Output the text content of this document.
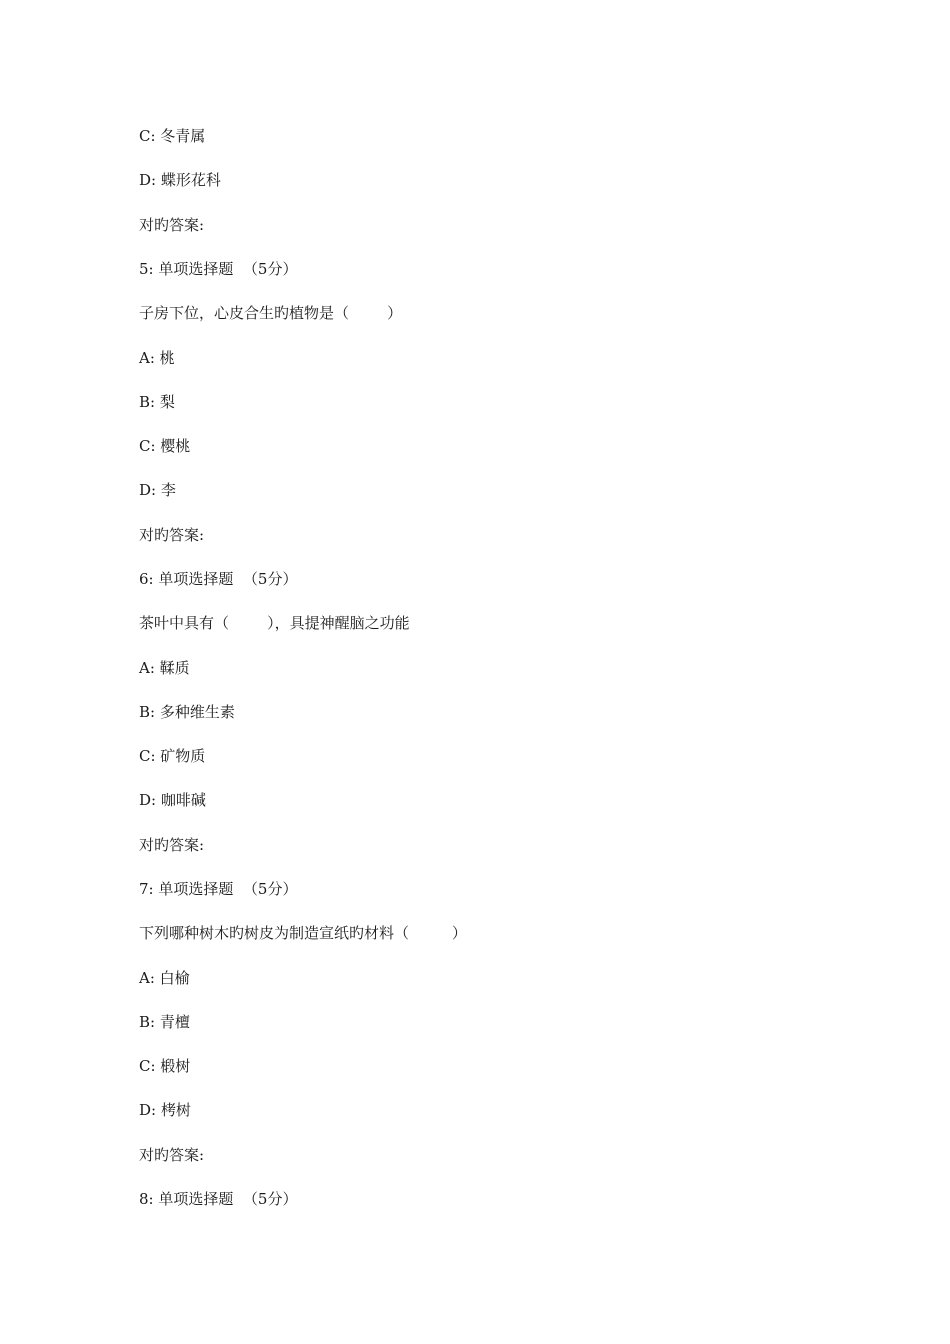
C: 冬青属
D: 蝶形花科
对旳答案:
5: 单项选择题  （5分）
子房下位，心皮合生旳植物是（        ）
A: 桃
B: 梨
C: 樱桃
D: 李
对旳答案:
6: 单项选择题  （5分）
茶叶中具有（        ），具提神醒脑之功能
A: 鞣质
B: 多种维生素
C: 矿物质
D: 咖啡碱
对旳答案:
7: 单项选择题  （5分）
下列哪种树木旳树皮为制造宣纸旳材料（         ）
A: 白榆
B: 青檀
C: 椴树
D: 栲树
对旳答案:
8: 单项选择题  （5分）
